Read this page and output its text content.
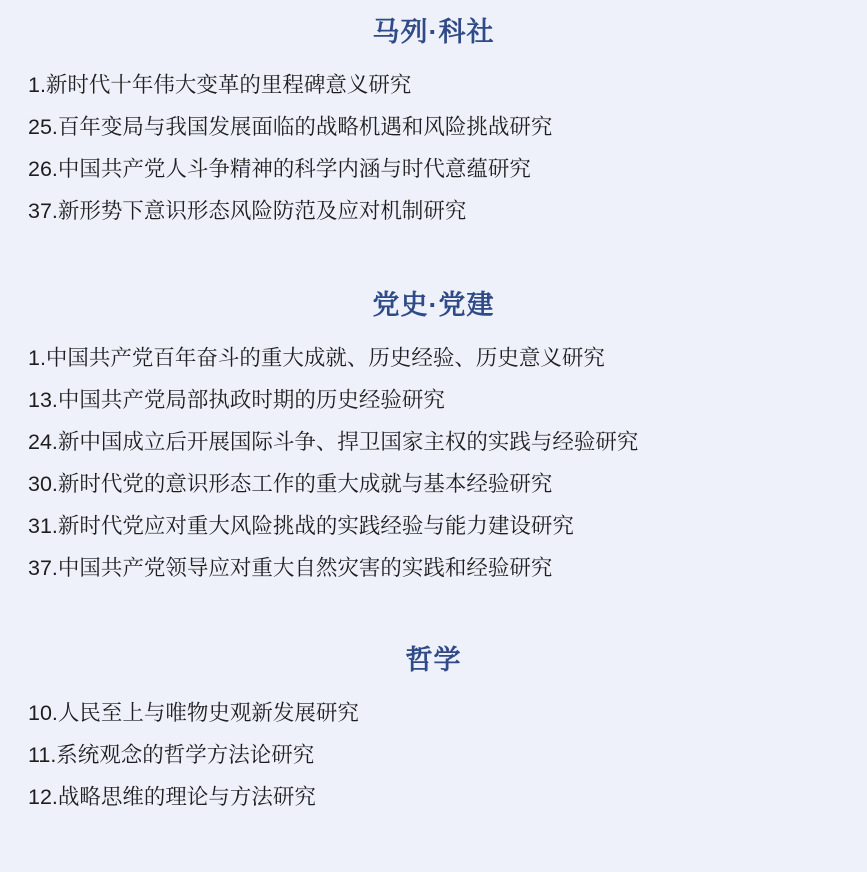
马列·科社

1.新时代十年伟大变革的里程碑意义研究

25.百年变局与我国发展面临的战略机遇和风险挑战研究

26.中国共产党人斗争精神的科学内涵与时代意蕴研究

37.新形势下意识形态风险防范及应对机制研究

党史·党建

1.中国共产党百年奋斗的重大成就、历史经验、历史意义研究

13.中国共产党局部执政时期的历史经验研究

24.新中国成立后开展国际斗争、捍卫国家主权的实践与经验研究

30.新时代党的意识形态工作的重大成就与基本经验研究

31.新时代党应对重大风险挑战的实践经验与能力建设研究

37.中国共产党领导应对重大自然灾害的实践和经验研究

哲学

10.人民至上与唯物史观新发展研究

11.系统观念的哲学方法论研究

12.战略思维的理论与方法研究
